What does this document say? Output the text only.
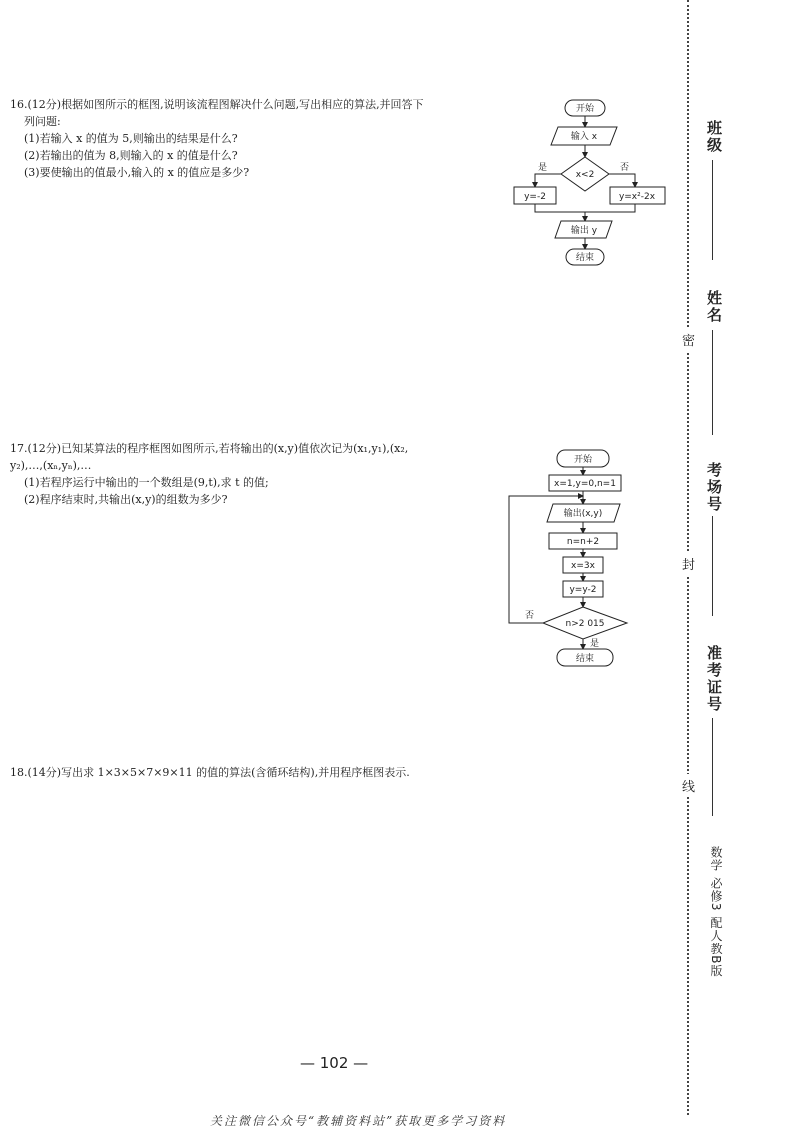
16.(12分)根据如图所示的框图,说明该流程图解决什么问题,写出相应的算法,并回答下

列问题:

(1)若输入 x 的值为 5,则输出的结果是什么?

(2)若输出的值为 8,则输入的 x 的值是什么?

(3)要使输出的值最小,输入的 x 的值应是多少?

开始
输入 x
x<2
是	否
y=-2	y=x²-2x
输出 y
结束

17.(12分)已知某算法的程序框图如图所示,若将输出的(x,y)值依次记为(x₁,y₁),(x₂,

y₂),…,(xₙ,yₙ),…

(1)若程序运行中输出的一个数组是(9,t),求 t 的值;

(2)程序结束时,共输出(x,y)的组数为多少?

开始
x=1,y=0,n=1
输出(x,y)
n=n+2
x=3x
y=y-2
n>2 015
否
是
结束

18.(14分)写出求 1×3×5×7×9×11 的值的算法(含循环结构),并用程序框图表示.

班级
姓名
考场号
准考证号
密
封
线
数学 必修3 配人教B版
— 102 —
关注微信公众号“教辅资料站”获取更多学习资料
